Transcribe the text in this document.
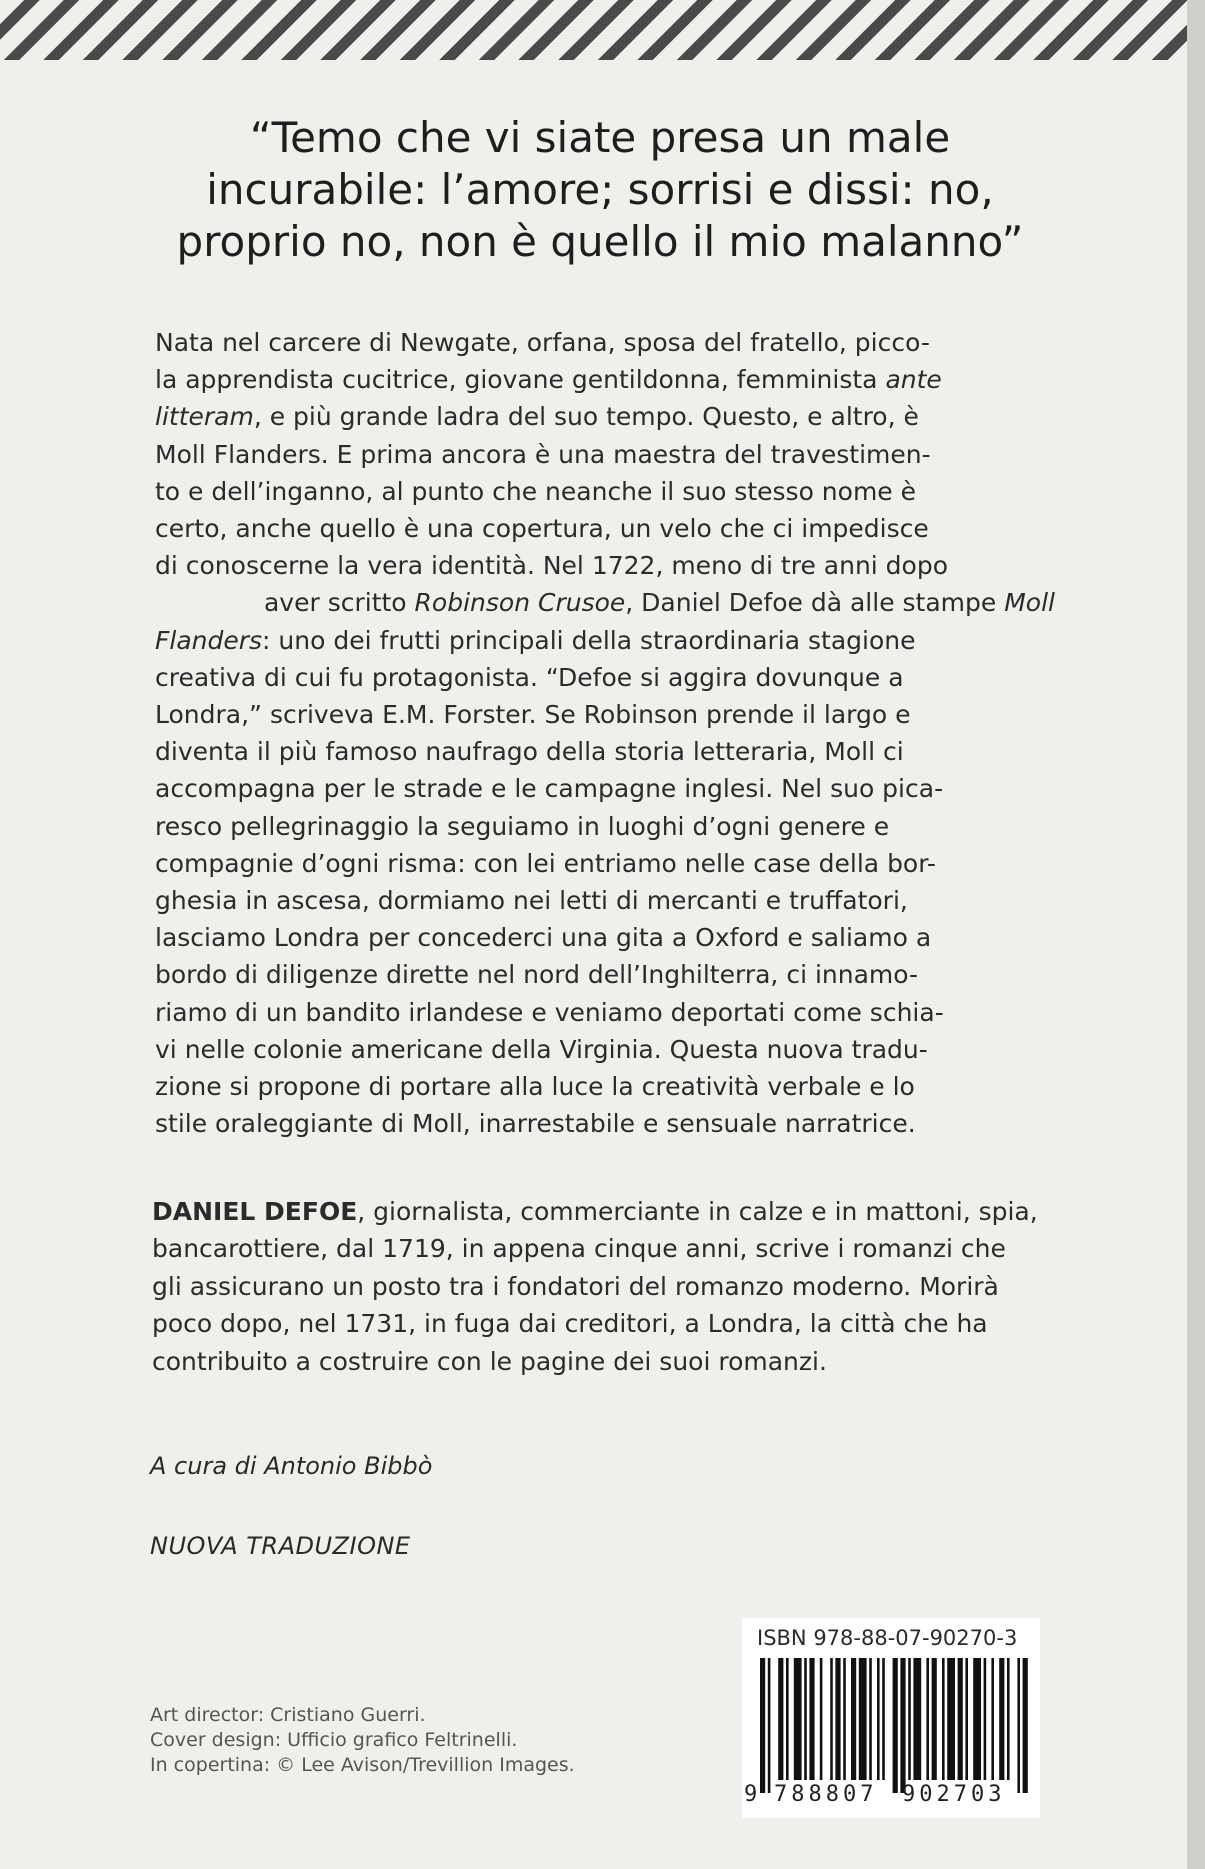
“Temo che vi siate presa un male
incurabile: l’amore; sorrisi e dissi: no,
proprio no, non è quello il mio malanno”
Nata nel carcere di Newgate, orfana, sposa del fratello, picco-
la apprendista cucitrice, giovane gentildonna, femminista ante
litteram, e più grande ladra del suo tempo. Questo, e altro, è
Moll Flanders. E prima ancora è una maestra del travestimen-
to e dell’inganno, al punto che neanche il suo stesso nome è
certo, anche quello è una copertura, un velo che ci impedisce
di conoscerne la vera identità. Nel 1722, meno di tre anni dopo
aver scritto Robinson Crusoe, Daniel Defoe dà alle stampe Moll
Flanders: uno dei frutti principali della straordinaria stagione
creativa di cui fu protagonista. “Defoe si aggira dovunque a
Londra,” scriveva E.M. Forster. Se Robinson prende il largo e
diventa il più famoso naufrago della storia letteraria, Moll ci
accompagna per le strade e le campagne inglesi. Nel suo pica-
resco pellegrinaggio la seguiamo in luoghi d’ogni genere e
compagnie d’ogni risma: con lei entriamo nelle case della bor-
ghesia in ascesa, dormiamo nei letti di mercanti e truffatori,
lasciamo Londra per concederci una gita a Oxford e saliamo a
bordo di diligenze dirette nel nord dell’Inghilterra, ci innamo-
riamo di un bandito irlandese e veniamo deportati come schia-
vi nelle colonie americane della Virginia. Questa nuova tradu-
zione si propone di portare alla luce la creatività verbale e lo
stile oraleggiante di Moll, inarrestabile e sensuale narratrice.
DANIEL DEFOE, giornalista, commerciante in calze e in mattoni, spia,
bancarottiere, dal 1719, in appena cinque anni, scrive i romanzi che
gli assicurano un posto tra i fondatori del romanzo moderno. Morirà
poco dopo, nel 1731, in fuga dai creditori, a Londra, la città che ha
contribuito a costruire con le pagine dei suoi romanzi.
A cura di Antonio Bibbò
NUOVA TRADUZIONE
Art director: Cristiano Guerri.
Cover design: Ufficio grafico Feltrinelli.
In copertina: © Lee Avison/Trevillion Images.
ISBN 978-88-07-90270-3
9 788807 902703
